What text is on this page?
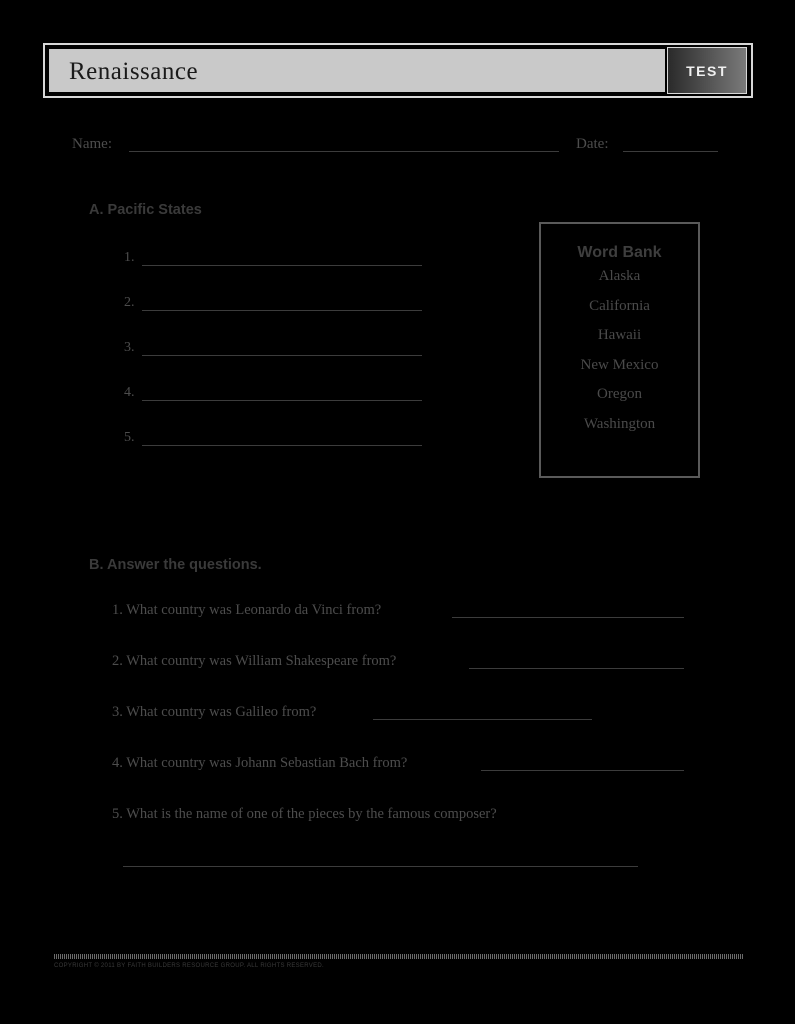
Renaissance	TEST
Name:	Date:
A. Pacific States
1.
2.
3.
4.
5.
Word Bank
Alaska
California
Hawaii
New Mexico
Oregon
Washington
B. Answer the questions.
1. What country was Leonardo da Vinci from?
2. What country was William Shakespeare from?
3. What country was Galileo from?
4. What country was Johann Sebastian Bach from?
5. What is the name of one of the pieces by the famous composer?
COPYRIGHT © 2011 BY FAITH BUILDERS RESOURCE GROUP. ALL RIGHTS RESERVED.
